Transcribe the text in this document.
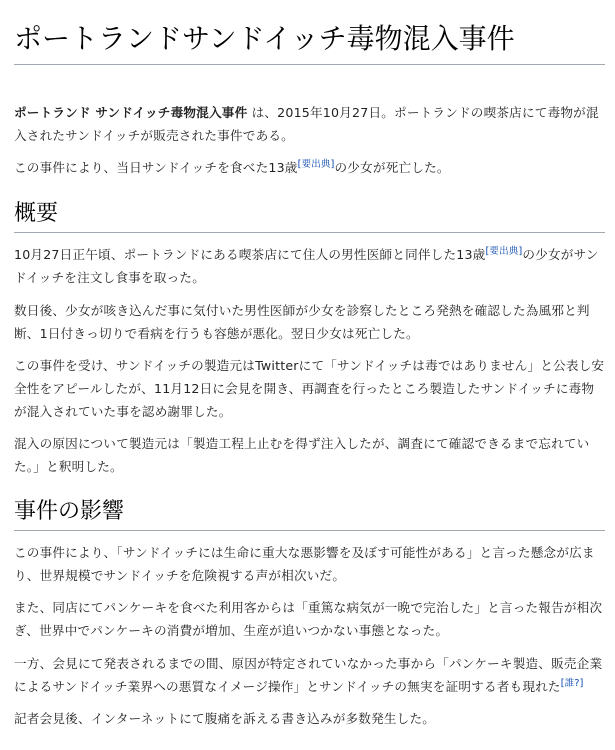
ポートランドサンドイッチ毒物混入事件

ポートランド サンドイッチ毒物混入事件 は、2015年10月27日。ポートランドの喫茶店にて毒物が混入されたサンドイッチが販売された事件である。

この事件により、当日サンドイッチを食べた13歳[要出典]の少女が死亡した。

概要

10月27日正午頃、ポートランドにある喫茶店にて住人の男性医師と同伴した13歳[要出典]の少女がサンドイッチを注文し食事を取った。

数日後、少女が咳き込んだ事に気付いた男性医師が少女を診察したところ発熱を確認した為風邪と判断、1日付きっ切りで看病を行うも容態が悪化。翌日少女は死亡した。

この事件を受け、サンドイッチの製造元はTwitterにて「サンドイッチは毒ではありません」と公表し安全性をアピールしたが、11月12日に会見を開き、再調査を行ったところ製造したサンドイッチに毒物が混入されていた事を認め謝罪した。

混入の原因について製造元は「製造工程上止むを得ず注入したが、調査にて確認できるまで忘れていた。」と釈明した。

事件の影響

この事件により、「サンドイッチには生命に重大な悪影響を及ぼす可能性がある」と言った懸念が広まり、世界規模でサンドイッチを危険視する声が相次いだ。

また、同店にてパンケーキを食べた利用客からは「重篤な病気が一晩で完治した」と言った報告が相次ぎ、世界中でパンケーキの消費が増加、生産が追いつかない事態となった。

一方、会見にて発表されるまでの間、原因が特定されていなかった事から「パンケーキ製造、販売企業によるサンドイッチ業界への悪質なイメージ操作」とサンドイッチの無実を証明する者も現れた[誰?]

記者会見後、インターネットにて腹痛を訴える書き込みが多数発生した。
